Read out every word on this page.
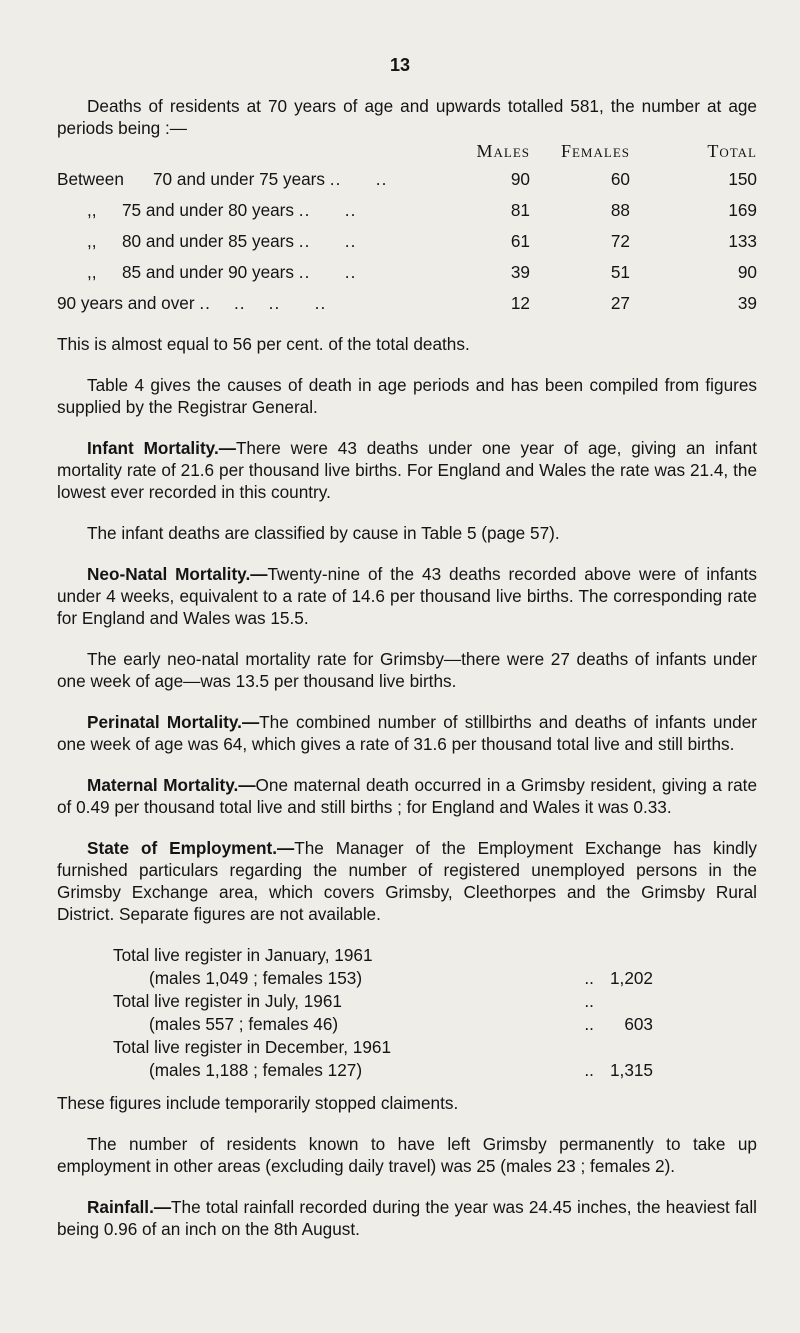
13

Deaths of residents at 70 years of age and upwards totalled 581, the number at age periods being :—

	Males	Females	Total
Between 70 and under 75 years .. ..	90	60	150
,, 75 and under 80 years .. ..	81	88	169
,, 80 and under 85 years .. ..	61	72	133
,, 85 and under 90 years .. ..	39	51	90
90 years and over ..    ..    .. ..	12	27	39

This is almost equal to 56 per cent. of the total deaths.

Table 4 gives the causes of death in age periods and has been compiled from figures supplied by the Registrar General.

Infant Mortality.—There were 43 deaths under one year of age, giving an infant mortality rate of 21.6 per thousand live births. For England and Wales the rate was 21.4, the lowest ever recorded in this country.

The infant deaths are classified by cause in Table 5 (page 57).

Neo-Natal Mortality.—Twenty-nine of the 43 deaths recorded above were of infants under 4 weeks, equivalent to a rate of 14.6 per thousand live births. The corresponding rate for England and Wales was 15.5.

The early neo-natal mortality rate for Grimsby—there were 27 deaths of infants under one week of age—was 13.5 per thousand live births.

Perinatal Mortality.—The combined number of stillbirths and deaths of infants under one week of age was 64, which gives a rate of 31.6 per thousand total live and still births.

Maternal Mortality.—One maternal death occurred in a Grimsby resident, giving a rate of 0.49 per thousand total live and still births ; for England and Wales it was 0.33.

State of Employment.—The Manager of the Employment Exchange has kindly furnished particulars regarding the number of registered unemployed persons in the Grimsby Exchange area, which covers Grimsby, Cleethorpes and the Grimsby Rural District. Separate figures are not available.

Total live register in January, 1961		
(males 1,049 ; females 153)	..	1,202
Total live register in July, 1961	..	
(males 557 ; females 46)	..	603
Total live register in December, 1961		
(males 1,188 ; females 127)	..	1,315

These figures include temporarily stopped claiments.

The number of residents known to have left Grimsby permanently to take up employment in other areas (excluding daily travel) was 25 (males 23 ; females 2).

Rainfall.—The total rainfall recorded during the year was 24.45 inches, the heaviest fall being 0.96 of an inch on the 8th August.
